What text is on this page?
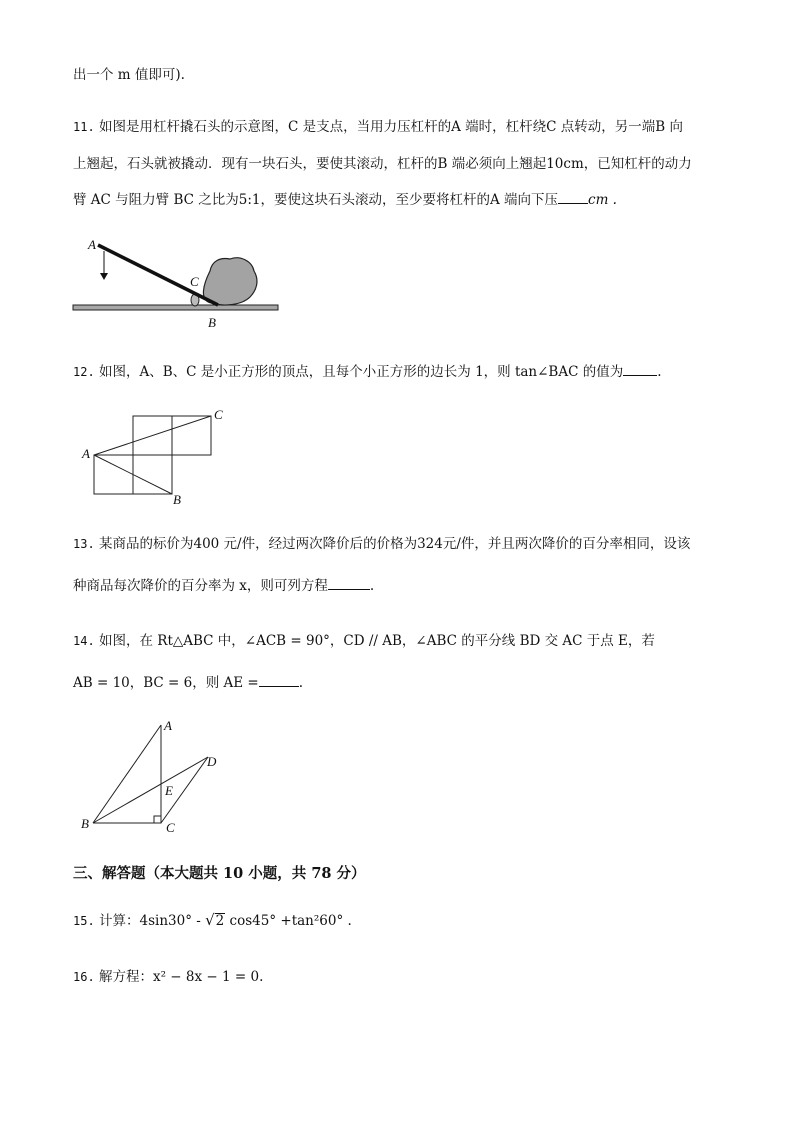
出一个 m 值即可).
11. 如图是用杠杆撬石头的示意图，C 是支点，当用力压杠杆的A 端时，杠杆绕C 点转动，另一端B 向
上翘起，石头就被撬动．现有一块石头，要使其滚动，杠杆的B 端必须向上翘起10cm，已知杠杆的动力
臂 AC 与阻力臂 BC 之比为5:1，要使这块石头滚动，至少要将杠杆的A 端向下压 cm .
A
C
B
12. 如图，A、B、C 是小正方形的顶点，且每个小正方形的边长为 1，则 tan∠BAC 的值为	.
A
C
B
13. 某商品的标价为400 元/件，经过两次降价后的价格为324元/件，并且两次降价的百分率相同，设该
种商品每次降价的百分率为 x，则可列方程	.
14. 如图，在 Rt△ABC 中，∠ACB = 90°，CD // AB，∠ABC 的平分线 BD 交 AC 于点 E，若
AB = 10，BC = 6，则 AE =	.
A
D
E
B	C
三、解答题（本大题共 10 小题，共 78 分）
15. 计算：4sin30° - √2 cos45° +tan²60° .
16. 解方程：x² − 8x − 1 = 0.
